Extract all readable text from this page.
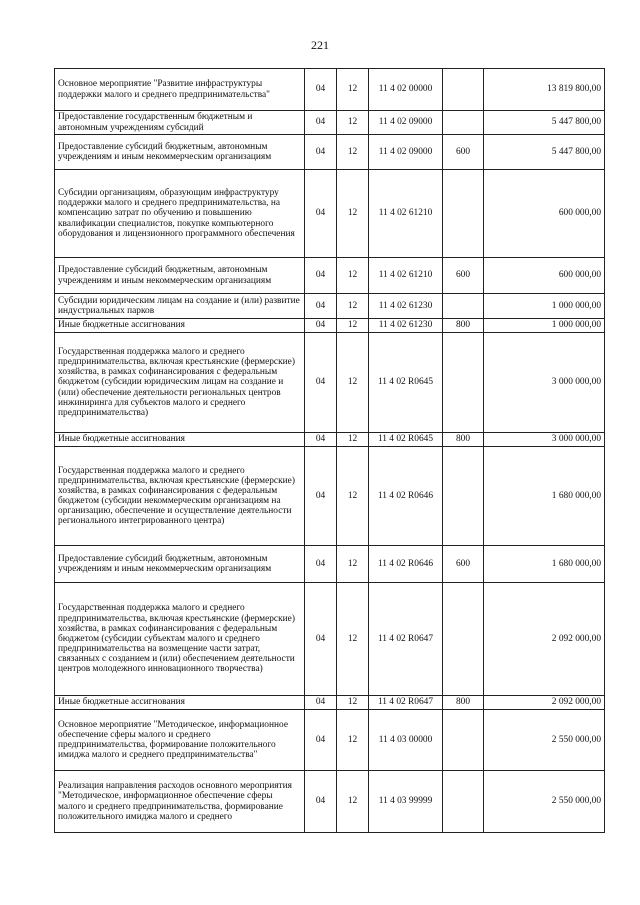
221
Основное мероприятие "Развитие инфраструктуры поддержки малого и среднего предпринимательства"	04	12	11 4 02 00000		13 819 800,00
Предоставление государственным бюджетным и автономным учреждениям субсидий	04	12	11 4 02 09000		5 447 800,00
Предоставление субсидий бюджетным, автономным учреждениям и иным некоммерческим организациям	04	12	11 4 02 09000	600	5 447 800,00
Субсидии организациям, образующим инфраструктуру поддержки малого и среднего предпринимательства, на компенсацию затрат по обучению и повышению квалификации специалистов, покупке компьютерного оборудования и лицензионного программного обеспечения	04	12	11 4 02 61210		600 000,00
Предоставление субсидий бюджетным, автономным учреждениям и иным некоммерческим организациям	04	12	11 4 02 61210	600	600 000,00
Субсидии юридическим лицам на создание и (или) развитие индустриальных парков	04	12	11 4 02 61230		1 000 000,00
Иные бюджетные ассигнования	04	12	11 4 02 61230	800	1 000 000,00
Государственная поддержка малого и среднего предпринимательства, включая крестьянские (фермерские) хозяйства, в рамках софинансирования с федеральным бюджетом (субсидии юридическим лицам на создание и (или) обеспечение деятельности региональных центров инжиниринга для субъектов малого и среднего предпринимательства)	04	12	11 4 02 R0645		3 000 000,00
Иные бюджетные ассигнования	04	12	11 4 02 R0645	800	3 000 000,00
Государственная поддержка малого и среднего предпринимательства, включая крестьянские (фермерские) хозяйства, в рамках софинансирования с федеральным бюджетом (субсидии некоммерческим организациям на организацию, обеспечение и осуществление деятельности регионального интегрированного центра)	04	12	11 4 02 R0646		1 680 000,00
Предоставление субсидий бюджетным, автономным учреждениям и иным некоммерческим организациям	04	12	11 4 02 R0646	600	1 680 000,00
Государственная поддержка малого и среднего предпринимательства, включая крестьянские (фермерские) хозяйства, в рамках софинансирования с федеральным бюджетом (субсидии субъектам малого и среднего предпринимательства на возмещение части затрат, связанных с созданием и (или) обеспечением деятельности центров молодежного инновационного творчества)	04	12	11 4 02 R0647		2 092 000,00
Иные бюджетные ассигнования	04	12	11 4 02 R0647	800	2 092 000,00
Основное мероприятие "Методическое, информационное обеспечение сферы малого и среднего предпринимательства, формирование положительного имиджа малого и среднего предпринимательства"	04	12	11 4 03 00000		2 550 000,00
Реализация направления расходов основного мероприятия "Методическое, информационное обеспечение сферы малого и среднего предпринимательства, формирование положительного имиджа малого и среднего	04	12	11 4 03 99999		2 550 000,00
